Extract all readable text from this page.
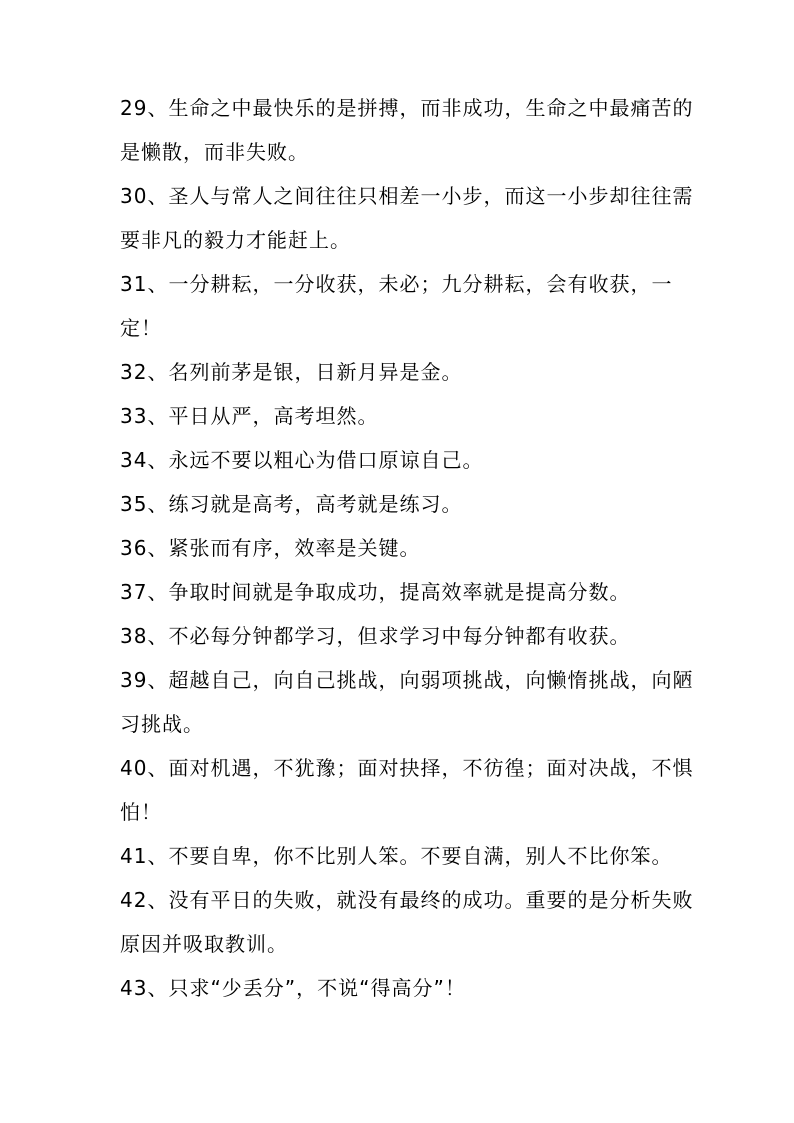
29、生命之中最快乐的是拼搏，而非成功，生命之中最痛苦的是懒散，而非失败。

30、圣人与常人之间往往只相差一小步，而这一小步却往往需要非凡的毅力才能赶上。

31、一分耕耘，一分收获，未必；九分耕耘，会有收获，一定！

32、名列前茅是银，日新月异是金。

33、平日从严，高考坦然。

34、永远不要以粗心为借口原谅自己。

35、练习就是高考，高考就是练习。

36、紧张而有序，效率是关键。

37、争取时间就是争取成功，提高效率就是提高分数。

38、不必每分钟都学习，但求学习中每分钟都有收获。

39、超越自己，向自己挑战，向弱项挑战，向懒惰挑战，向陋习挑战。

40、面对机遇，不犹豫；面对抉择，不彷徨；面对决战，不惧怕！

41、不要自卑，你不比别人笨。不要自满，别人不比你笨。

42、没有平日的失败，就没有最终的成功。重要的是分析失败原因并吸取教训。

43、只求“少丢分”，不说“得高分”！
